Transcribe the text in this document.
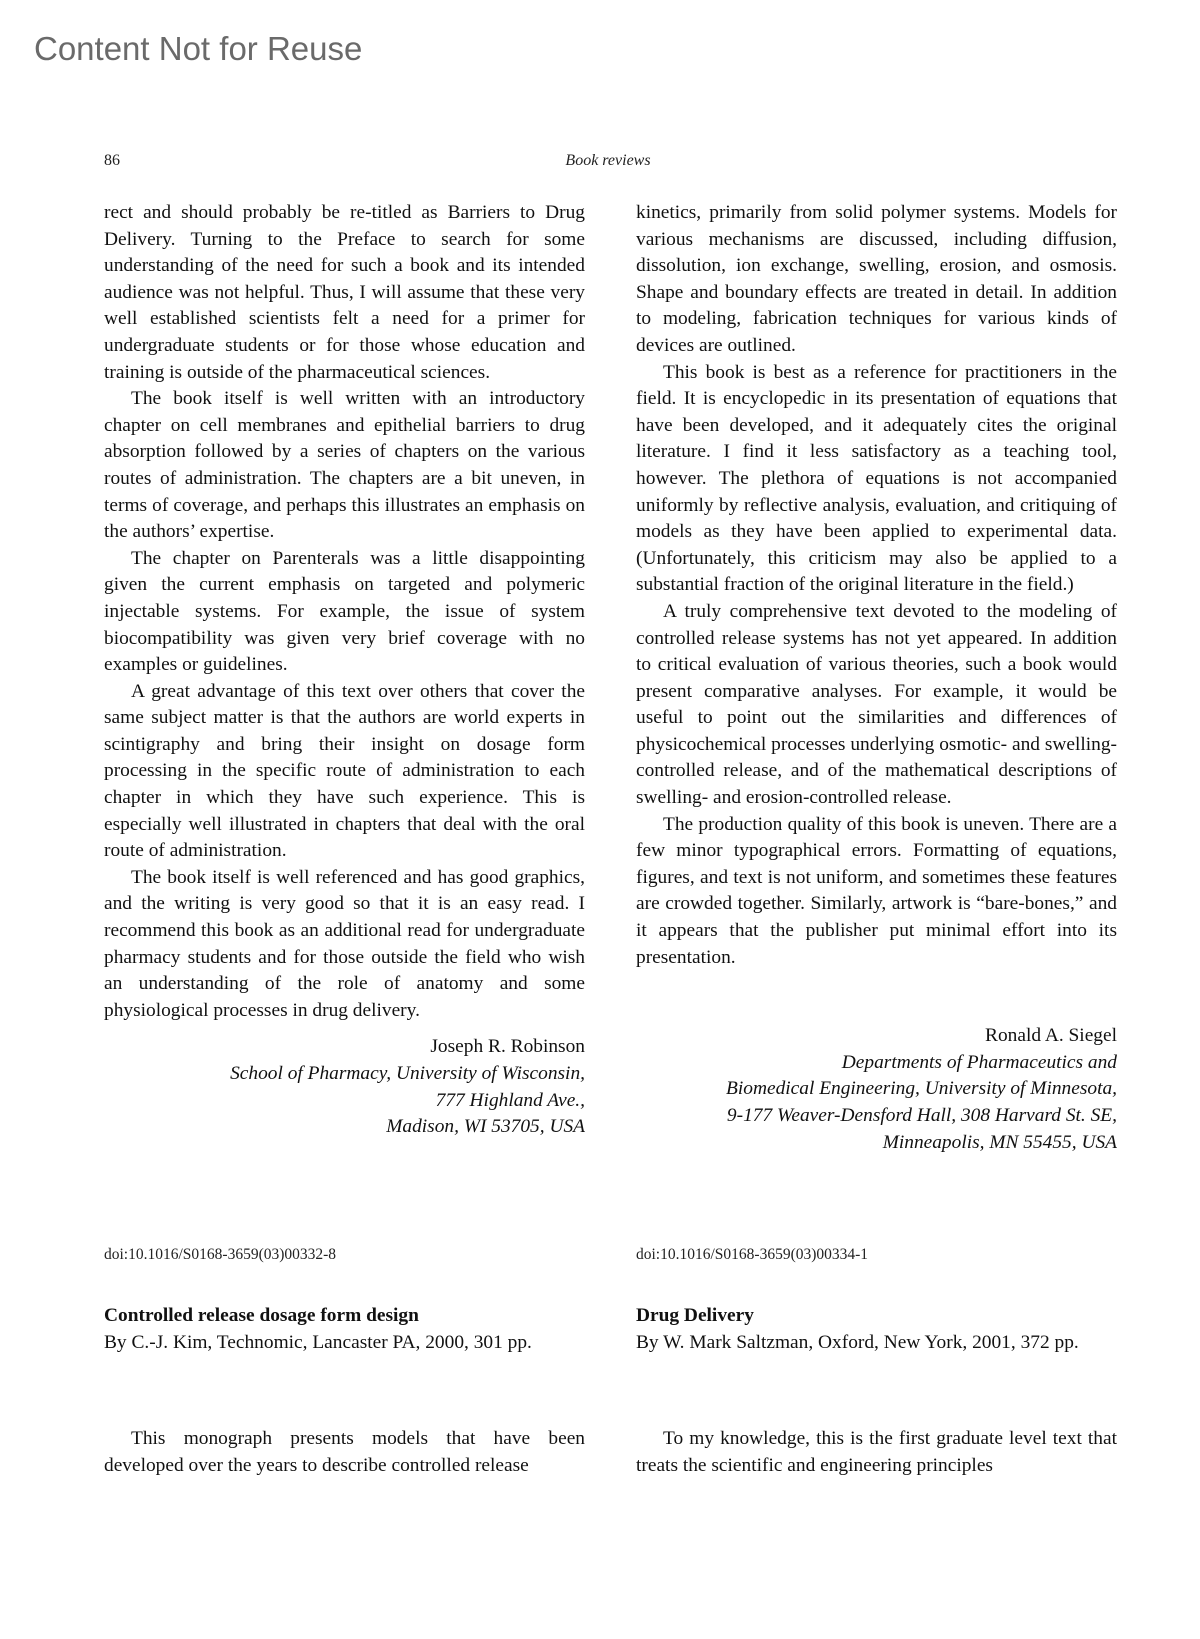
Content Not for Reuse
86	Book reviews

rect and should probably be re-titled as Barriers to Drug Delivery. Turning to the Preface to search for some understanding of the need for such a book and its intended audience was not helpful. Thus, I will assume that these very well established scientists felt a need for a primer for undergraduate students or for those whose education and training is outside of the pharmaceutical sciences.

The book itself is well written with an introductory chapter on cell membranes and epithelial barriers to drug absorption followed by a series of chapters on the various routes of administration. The chapters are a bit uneven, in terms of coverage, and perhaps this illustrates an emphasis on the authors’ expertise.

The chapter on Parenterals was a little disappointing given the current emphasis on targeted and polymeric injectable systems. For example, the issue of system biocompatibility was given very brief coverage with no examples or guidelines.

A great advantage of this text over others that cover the same subject matter is that the authors are world experts in scintigraphy and bring their insight on dosage form processing in the specific route of administration to each chapter in which they have such experience. This is especially well illustrated in chapters that deal with the oral route of administration.

The book itself is well referenced and has good graphics, and the writing is very good so that it is an easy read. I recommend this book as an additional read for undergraduate pharmacy students and for those outside the field who wish an understanding of the role of anatomy and some physiological processes in drug delivery.

Joseph R. Robinson
School of Pharmacy, University of Wisconsin,
777 Highland Ave.,
Madison, WI 53705, USA

kinetics, primarily from solid polymer systems. Models for various mechanisms are discussed, including diffusion, dissolution, ion exchange, swelling, erosion, and osmosis. Shape and boundary effects are treated in detail. In addition to modeling, fabrication techniques for various kinds of devices are outlined.

This book is best as a reference for practitioners in the field. It is encyclopedic in its presentation of equations that have been developed, and it adequately cites the original literature. I find it less satisfactory as a teaching tool, however. The plethora of equations is not accompanied uniformly by reflective analysis, evaluation, and critiquing of models as they have been applied to experimental data. (Unfortunately, this criticism may also be applied to a substantial fraction of the original literature in the field.)

A truly comprehensive text devoted to the modeling of controlled release systems has not yet appeared. In addition to critical evaluation of various theories, such a book would present comparative analyses. For example, it would be useful to point out the similarities and differences of physicochemical processes underlying osmotic- and swelling-controlled release, and of the mathematical descriptions of swelling- and erosion-controlled release.

The production quality of this book is uneven. There are a few minor typographical errors. Formatting of equations, figures, and text is not uniform, and sometimes these features are crowded together. Similarly, artwork is “bare-bones,” and it appears that the publisher put minimal effort into its presentation.

Ronald A. Siegel
Departments of Pharmaceutics and
Biomedical Engineering, University of Minnesota,
9-177 Weaver-Densford Hall, 308 Harvard St. SE,
Minneapolis, MN 55455, USA
doi:10.1016/S0168-3659(03)00332-8	doi:10.1016/S0168-3659(03)00334-1
Controlled release dosage form design
By C.-J. Kim, Technomic, Lancaster PA, 2000, 301 pp.
Drug Delivery
By W. Mark Saltzman, Oxford, New York, 2001, 372 pp.

This monograph presents models that have been developed over the years to describe controlled release

To my knowledge, this is the first graduate level text that treats the scientific and engineering principles
